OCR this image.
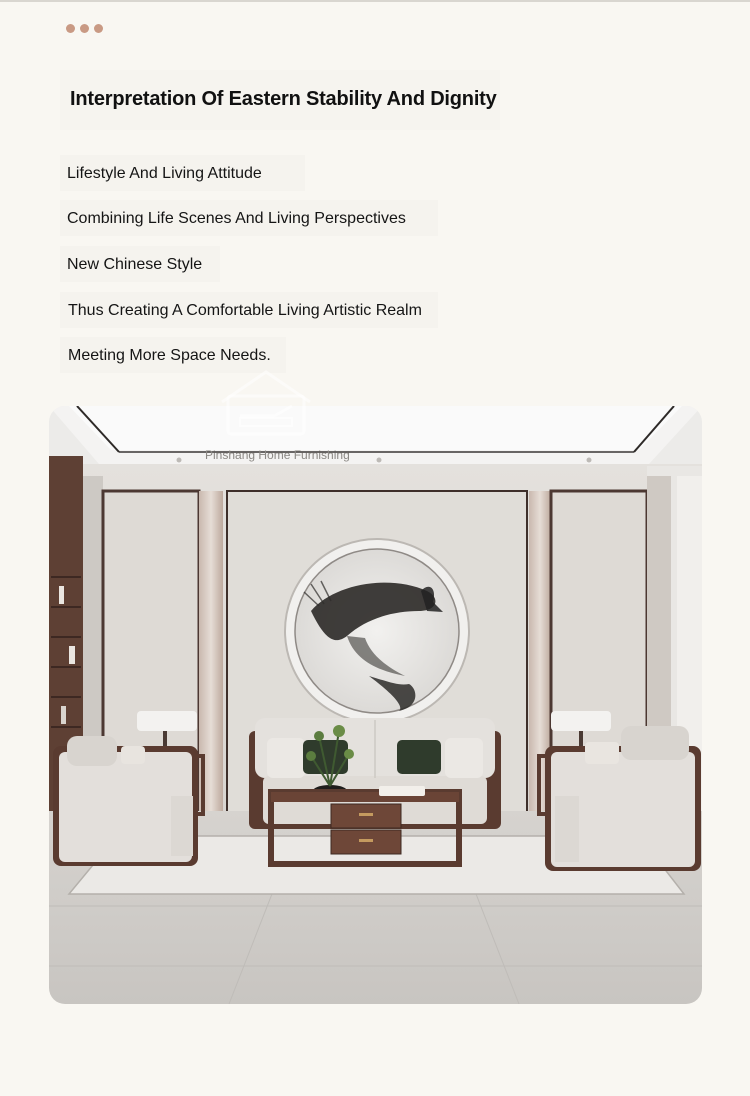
Interpretation Of Eastern Stability And Dignity
Lifestyle And Living Attitude
Combining Life Scenes And Living Perspectives
New Chinese Style
Thus Creating A Comfortable Living Artistic Realm
Meeting More Space Needs.
Pinshang Home Furnishing
